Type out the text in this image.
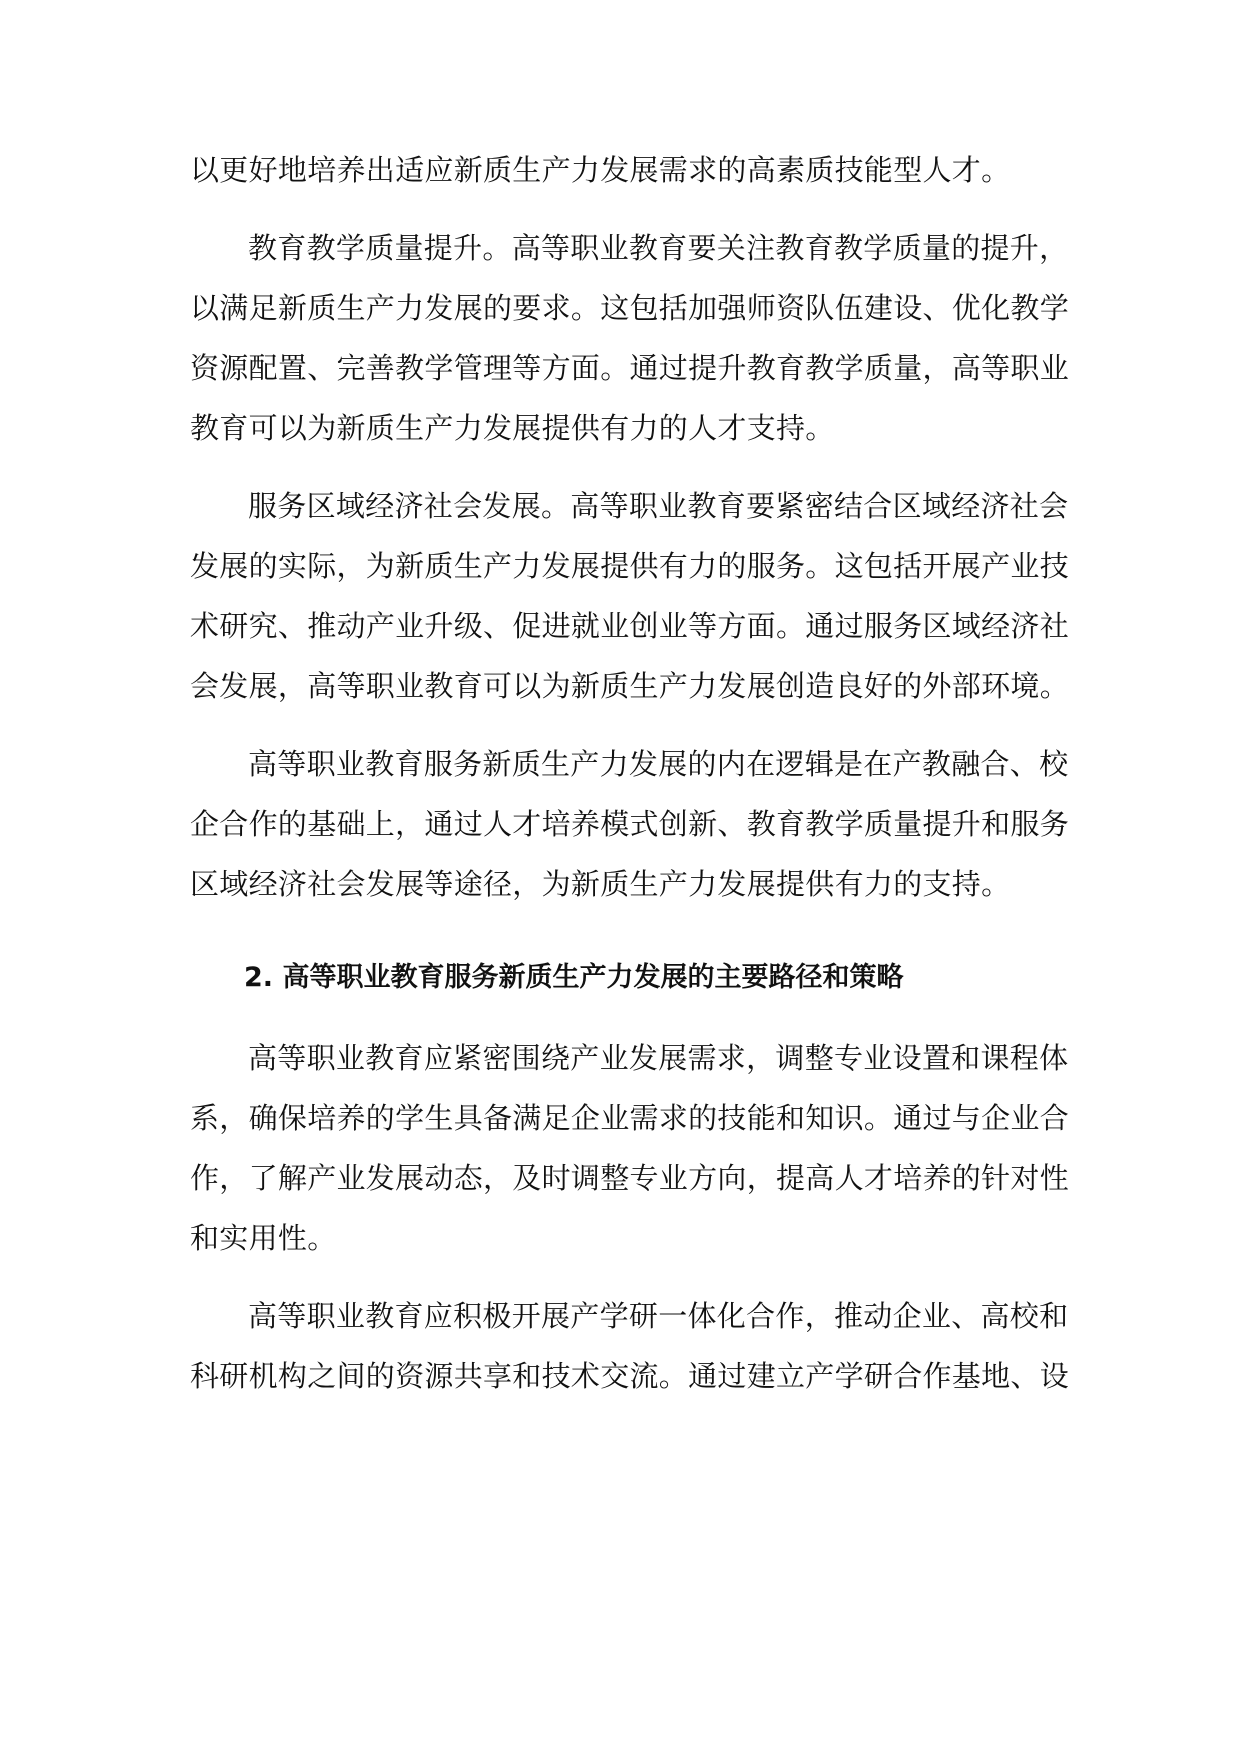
以更好地培养出适应新质生产力发展需求的高素质技能型人才。
教育教学质量提升。高等职业教育要关注教育教学质量的提升，
以满足新质生产力发展的要求。这包括加强师资队伍建设、优化教学
资源配置、完善教学管理等方面。通过提升教育教学质量，高等职业
教育可以为新质生产力发展提供有力的人才支持。
服务区域经济社会发展。高等职业教育要紧密结合区域经济社会
发展的实际，为新质生产力发展提供有力的服务。这包括开展产业技
术研究、推动产业升级、促进就业创业等方面。通过服务区域经济社
会发展，高等职业教育可以为新质生产力发展创造良好的外部环境。
高等职业教育服务新质生产力发展的内在逻辑是在产教融合、校
企合作的基础上，通过人才培养模式创新、教育教学质量提升和服务
区域经济社会发展等途径，为新质生产力发展提供有力的支持。
2. 高等职业教育服务新质生产力发展的主要路径和策略
高等职业教育应紧密围绕产业发展需求，调整专业设置和课程体
系，确保培养的学生具备满足企业需求的技能和知识。通过与企业合
作，了解产业发展动态，及时调整专业方向，提高人才培养的针对性
和实用性。
高等职业教育应积极开展产学研一体化合作，推动企业、高校和
科研机构之间的资源共享和技术交流。通过建立产学研合作基地、设
